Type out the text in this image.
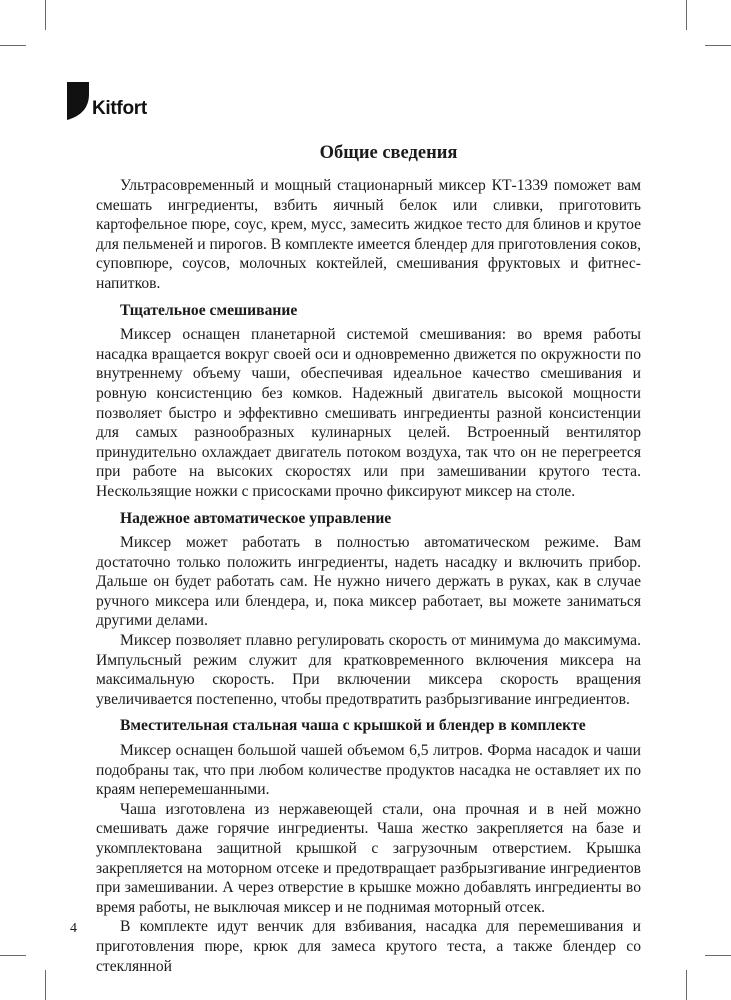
Kitfort
Общие сведения

Ультрасовременный и мощный стационарный миксер КТ-1339 поможет вам смешать ингредиенты, взбить яичный белок или сливки, приготовить картофельное пюре, соус, крем, мусс, замесить жидкое тесто для блинов и крутое для пельменей и пирогов. В комплекте имеется блендер для приготовления соков, суповпюре, соусов, молочных коктейлей, смешивания фруктовых и фитнес-напитков.

Тщательное смешивание

Миксер оснащен планетарной системой смешивания: во время работы насадка вращается вокруг своей оси и одновременно движется по окружности по внутреннему объему чаши, обеспечивая идеальное качество смешивания и ровную консистенцию без комков. Надежный двигатель высокой мощности позволяет быстро и эффективно смешивать ингредиенты разной консистенции для самых разнообразных кулинарных целей. Встроенный вентилятор принудительно охлаждает двигатель потоком воздуха, так что он не перегреется при работе на высоких скоростях или при замешивании крутого теста. Нескользящие ножки с присосками прочно фиксируют миксер на столе.

Надежное автоматическое управление

Миксер может работать в полностью автоматическом режиме. Вам достаточно только положить ингредиенты, надеть насадку и включить прибор. Дальше он будет работать сам. Не нужно ничего держать в руках, как в случае ручного миксера или блендера, и, пока миксер работает, вы можете заниматься другими делами.

Миксер позволяет плавно регулировать скорость от минимума до максимума. Импульсный режим служит для кратковременного включения миксера на максимальную скорость. При включении миксера скорость вращения увеличивается постепенно, чтобы предотвратить разбрызгивание ингредиентов.

Вместительная стальная чаша с крышкой и блендер в комплекте

Миксер оснащен большой чашей объемом 6,5 литров. Форма насадок и чаши подобраны так, что при любом количестве продуктов насадка не оставляет их по краям неперемешанными.

Чаша изготовлена из нержавеющей стали, она прочная и в ней можно смешивать даже горячие ингредиенты. Чаша жестко закрепляется на базе и укомплектована защитной крышкой с загрузочным отверстием. Крышка закрепляется на моторном отсеке и предотвращает разбрызгивание ингредиентов при замешивании. А через отверстие в крышке можно добавлять ингредиенты во время работы, не выключая миксер и не поднимая моторный отсек.

В комплекте идут венчик для взбивания, насадка для перемешивания и приготовления пюре, крюк для замеса крутого теста, а также блендер со стеклянной

4
